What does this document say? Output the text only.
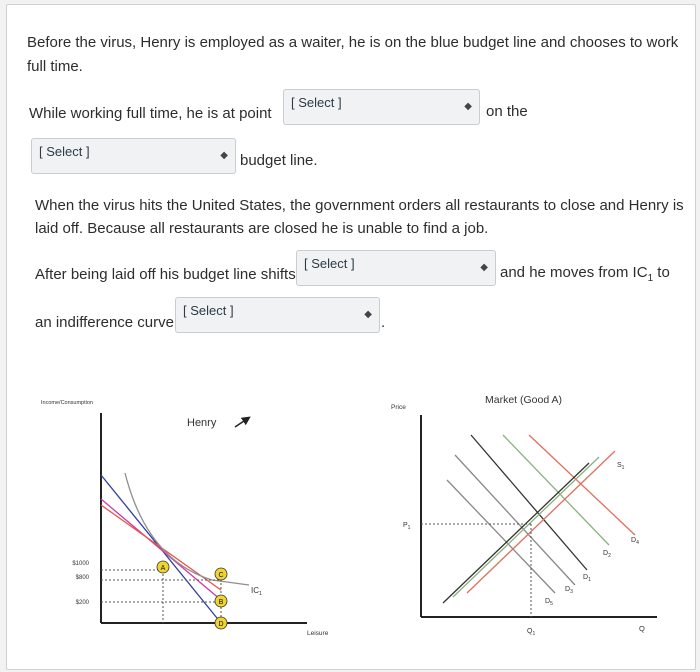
Before the virus, Henry is employed as a waiter, he is on the blue budget line and chooses to work
full time.
While working full time, he is at point
[ Select ]	◆ on the
[ Select ]	◆ budget line.
When the virus hits the United States, the government orders all restaurants to close and Henry is
laid off. Because all restaurants are closed he is unable to find a job.
After being laid off his budget line shifts
[ Select ]	◆ and he moves from $IC_1$ to
an indifference curve
[ Select ]	◆ .
Income/Consumption
Henry
$1000
$800
$200
A
B
C
D
$IC_1$
Leisure
Price
Market (Good A)
$P_1$
$Q_1$
Q
$S_1$
$D_4$
$D_2$
$D_1$
$D_3$
$D_5$
